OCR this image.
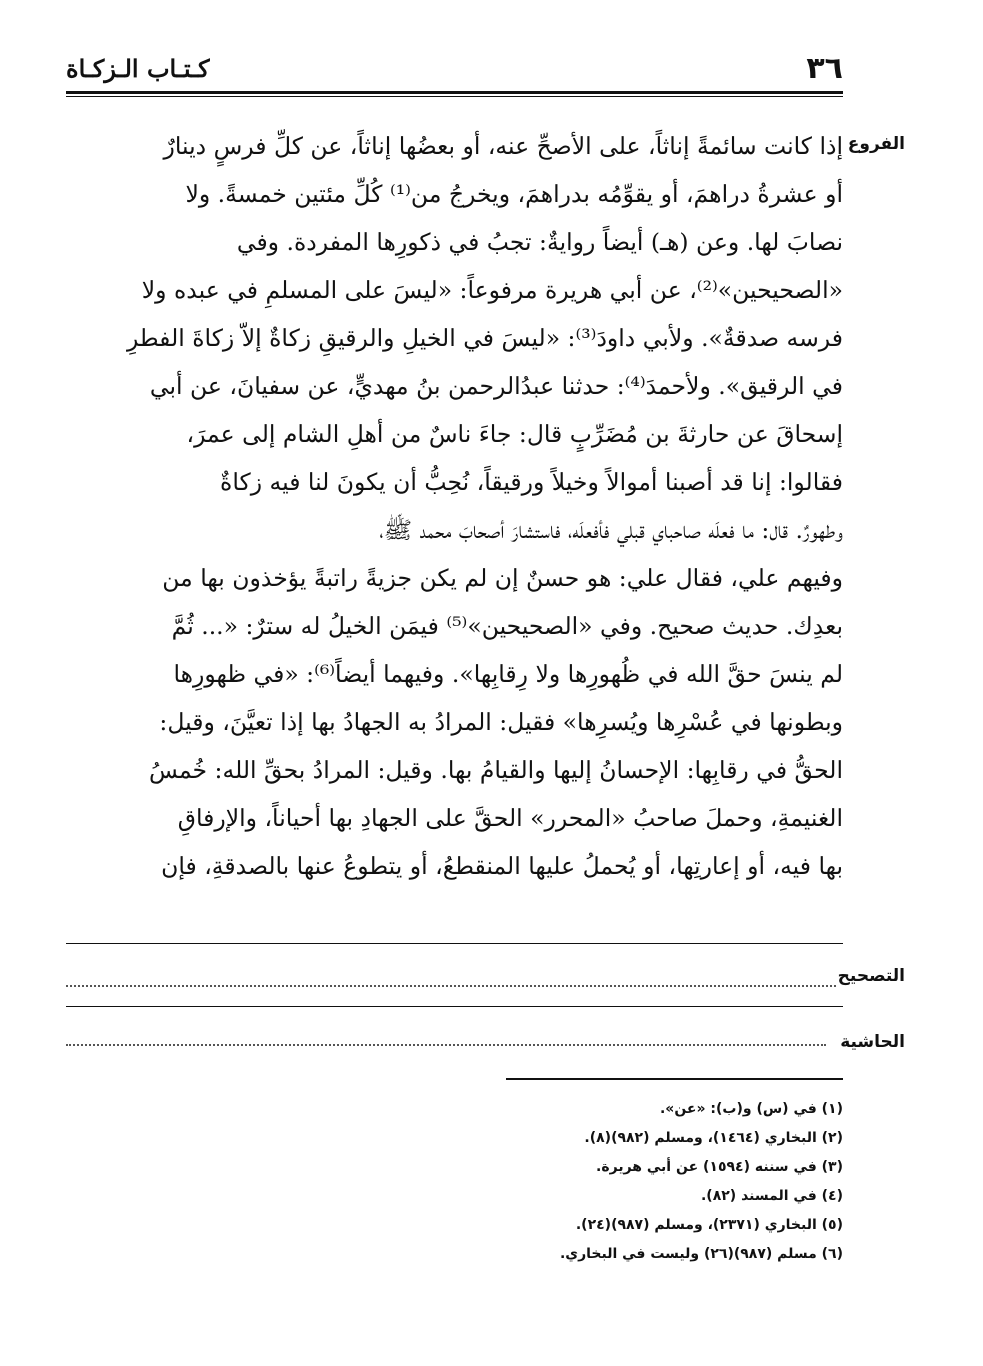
٣٦
كـتـاب الـزكـاة
الفروع
إذا كانت سائمةً إناثاً، على الأصحِّ عنه، أو بعضُها إناثاً، عن كلِّ فرسٍ دينارٌ
أو عشرةُ دراهمَ، أو يقوِّمُه بدراهمَ، ويخرجُ من⁽¹⁾ كُلِّ مئتين خمسةً. ولا
نصابَ لها. وعن (هـ) أيضاً روايةٌ: تجبُ في ذكورِها المفردة. وفي
«الصحيحين»⁽²⁾، عن أبي هريرة مرفوعاً: «ليسَ على المسلمِ في عبده ولا
فرسه صدقةٌ». ولأبي داودَ⁽³⁾: «ليسَ في الخيلِ والرقيقِ زكاةٌ إلاّ زكاةَ الفطرِ
في الرقيق». ولأحمدَ⁽⁴⁾: حدثنا عبدُالرحمن بنُ مهديٍّ، عن سفيانَ، عن أبي
إسحاقَ عن حارثةَ بن مُضَرِّبٍ قال: جاءَ ناسٌ من أهلِ الشام إلى عمرَ،
فقالوا: إنا قد أصبنا أموالاً وخيلاً ورقيقاً، نُحِبُّ أن يكونَ لنا فيه زكاةٌ
وطهورٌ. قال: ما فعلَه صاحباي قبلي فأفعلَه، فاستشارَ أصحابَ محمد ﷺ،
وفيهم علي، فقال علي: هو حسنٌ إن لم يكن جزيةً راتبةً يؤخذون بها من
بعدِك. حديث صحيح. وفي «الصحيحين»⁽⁵⁾ فيمَن الخيلُ له سترٌ: «... ثُمَّ
لم ينسَ حقَّ الله في ظُهورِها ولا رِقابِها». وفيهما أيضاً⁽⁶⁾: «في ظهورِها
وبطونها في عُسْرِها ويُسرِها» فقيل: المرادُ به الجهادُ بها إذا تعيَّنَ، وقيل:
الحقُّ في رقابِها: الإحسانُ إليها والقيامُ بها. وقيل: المرادُ بحقِّ الله: خُمسُ
الغنيمةِ، وحملَ صاحبُ «المحرر» الحقَّ على الجهادِ بها أحياناً، والإرفاقِ
بها فيه، أو إعارتِها، أو يُحملُ عليها المنقطعُ، أو يتطوعُ عنها بالصدقةِ، فإن
التصحيح
الحاشية
(١) في (س) و(ب): «عن».
(٢) البخاري (١٤٦٤)، ومسلم (٩٨٢)(٨).
(٣) في سننه (١٥٩٤) عن أبي هريرة.
(٤) في المسند (٨٢).
(٥) البخاري (٢٣٧١)، ومسلم (٩٨٧)(٢٤).
(٦) مسلم (٩٨٧)(٢٦) وليست في البخاري.
